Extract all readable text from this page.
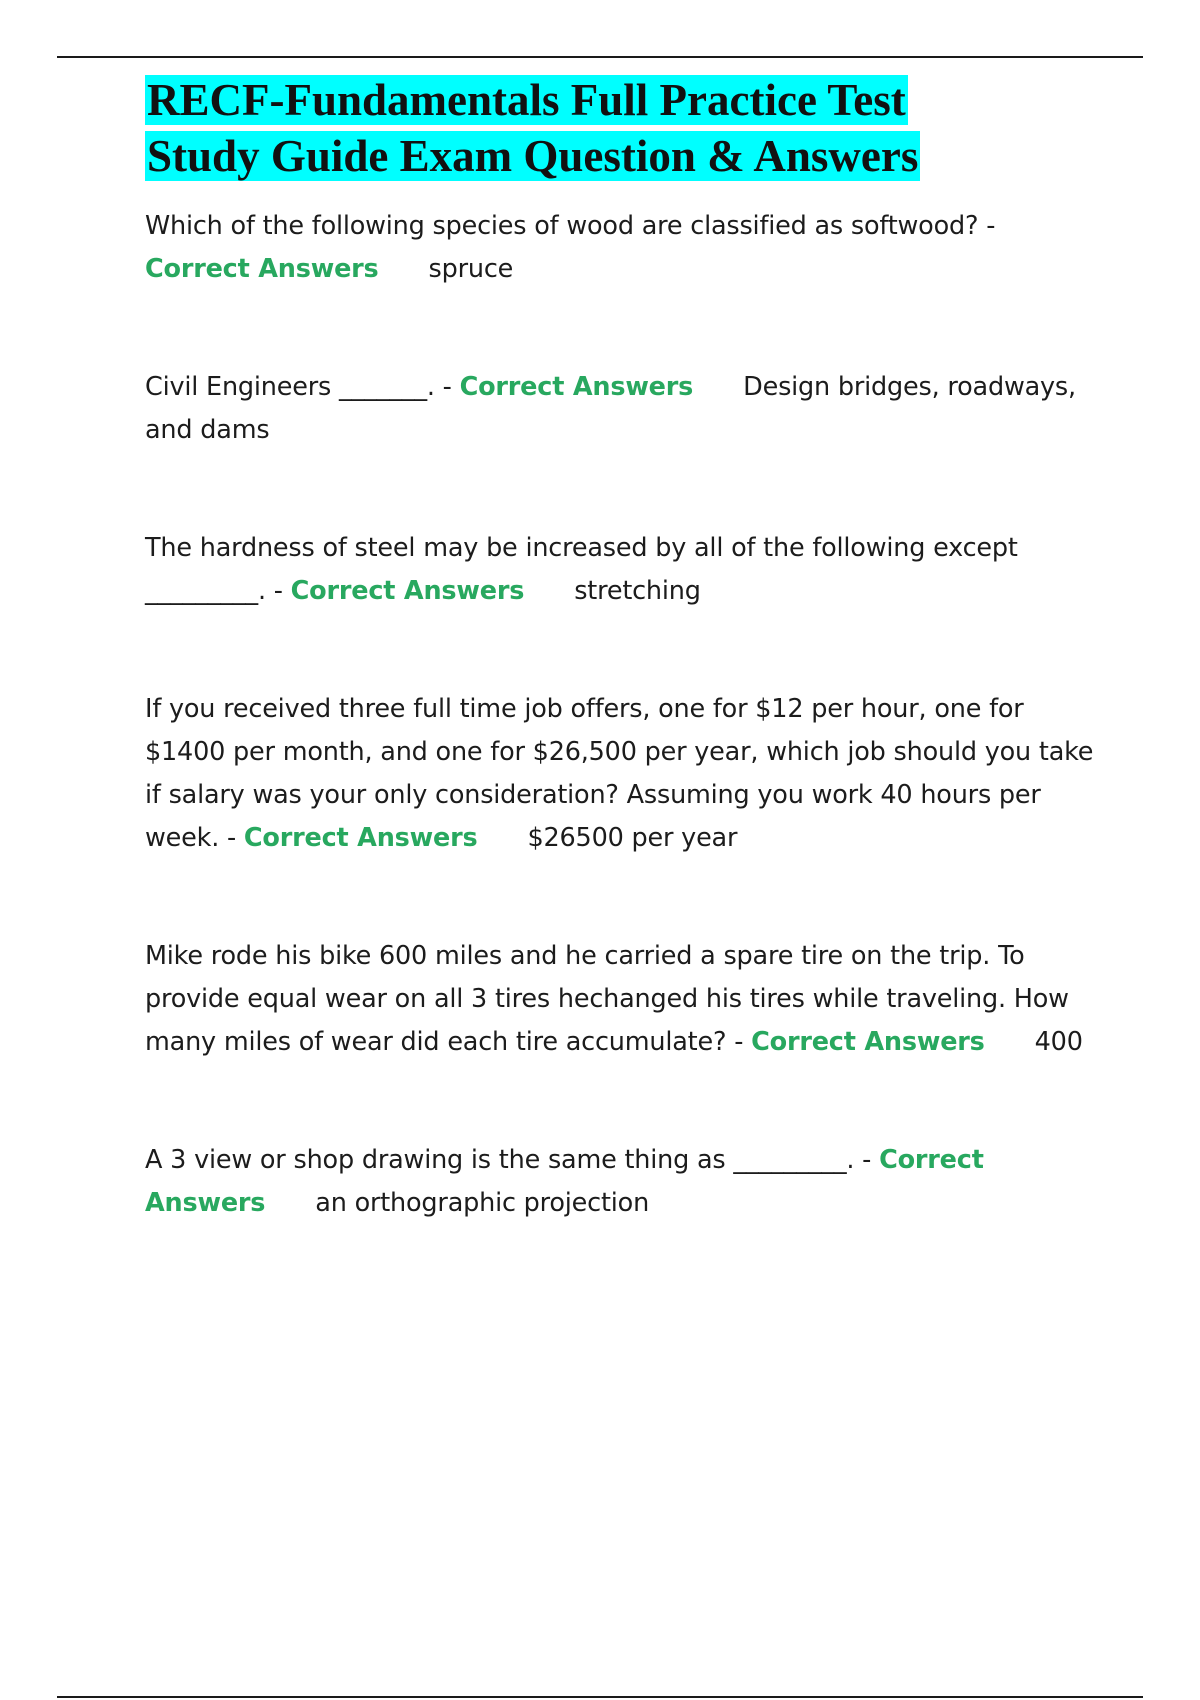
RECF-Fundamentals Full Practice Test
Study Guide Exam Question & Answers

Which of the following species of wood are classified as softwood? - Correct Answers spruce

Civil Engineers _______. - Correct Answers Design bridges, roadways, and dams

The hardness of steel may be increased by all of the following except _________. - Correct Answers stretching

If you received three full time job offers, one for $12 per hour, one for $1400 per month, and one for $26,500 per year, which job should you take if salary was your only consideration? Assuming you work 40 hours per week. - Correct Answers $26500 per year

Mike rode his bike 600 miles and he carried a spare tire on the trip. To provide equal wear on all 3 tires hechanged his tires while traveling. How many miles of wear did each tire accumulate? - Correct Answers 400

A 3 view or shop drawing is the same thing as _________. - Correct Answers an orthographic projection
